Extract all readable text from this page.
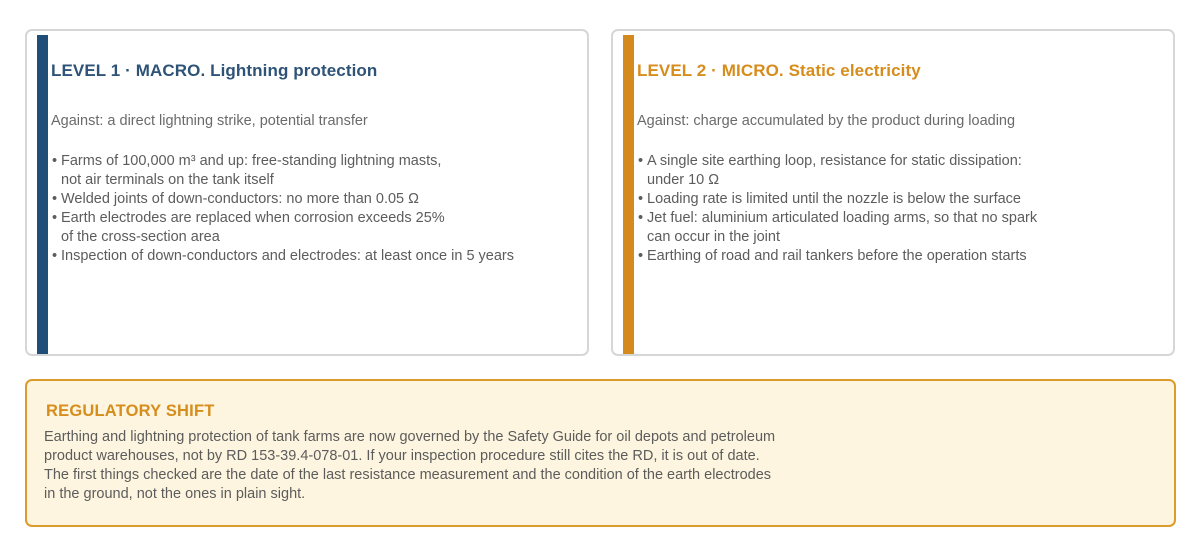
LEVEL 1 · MACRO. Lightning protection

Against: a direct lightning strike, potential transfer

• Farms of 100,000 m³ and up: free-standing lightning masts,
not air terminals on the tank itself
• Welded joints of down-conductors: no more than 0.05 Ω
• Earth electrodes are replaced when corrosion exceeds 25%
of the cross-section area
• Inspection of down-conductors and electrodes: at least once in 5 years
LEVEL 2 · MICRO. Static electricity

Against: charge accumulated by the product during loading

• A single site earthing loop, resistance for static dissipation:
under 10 Ω
• Loading rate is limited until the nozzle is below the surface
• Jet fuel: aluminium articulated loading arms, so that no spark
can occur in the joint
• Earthing of road and rail tankers before the operation starts
REGULATORY SHIFT

Earthing and lightning protection of tank farms are now governed by the Safety Guide for oil depots and petroleum
product warehouses, not by RD 153-39.4-078-01. If your inspection procedure still cites the RD, it is out of date.
The first things checked are the date of the last resistance measurement and the condition of the earth electrodes
in the ground, not the ones in plain sight.
